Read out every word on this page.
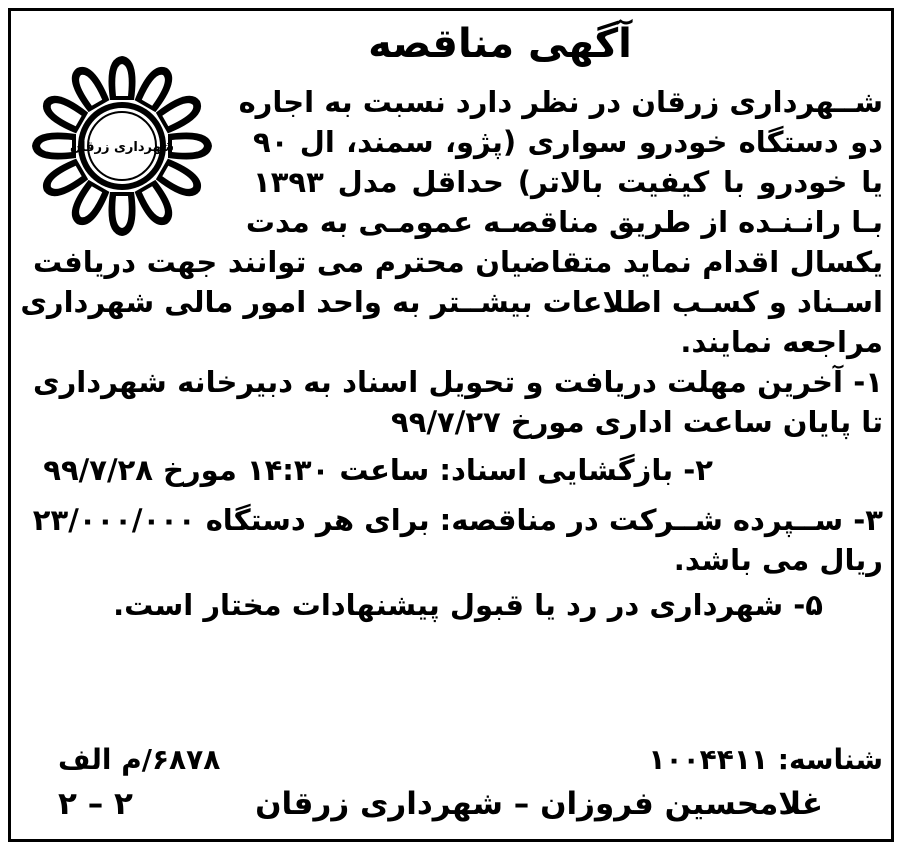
شهرداری زرقان
آگهی مناقصه
شــهرداری زرقان در نظر دارد نسبت به اجاره
دو دستگاه خودرو سواری (پژو، سمند، ال ۹۰
یا خودرو با کیفیت بالاتر) حداقل مدل ۱۳۹۳
بـا رانـنـده از طريق مناقصـه عمومـی به مدت
يکسال اقدام نماید متقاضیان محترم می توانند جهت دريافت
اسـناد و کسـب اطلاعات بیشــتر به واحد امور مالی شهرداری
مراجعه نمایند.
۱- آخرين مهلت دريافت و تحويل اسناد به دبيرخانه شهرداری
تا پايان ساعت اداری مورخ ۹۹/۷/۲۷
۲- بازگشايی اسناد: ساعت ۱۴:۳۰ مورخ ۹۹/۷/۲۸
۳- ســپرده شــرکت در مناقصه: برای هر دستگاه ۲۳/۰۰۰/۰۰۰
ريال می باشد.
۵- شهرداری در رد يا قبول پيشنهادات مختار است.
شناسه: ۱۰۰۴۴۱۱
۶۸۷۸/م الف
غلامحسين فروزان – شهرداری زرقان
۲ – ۲
